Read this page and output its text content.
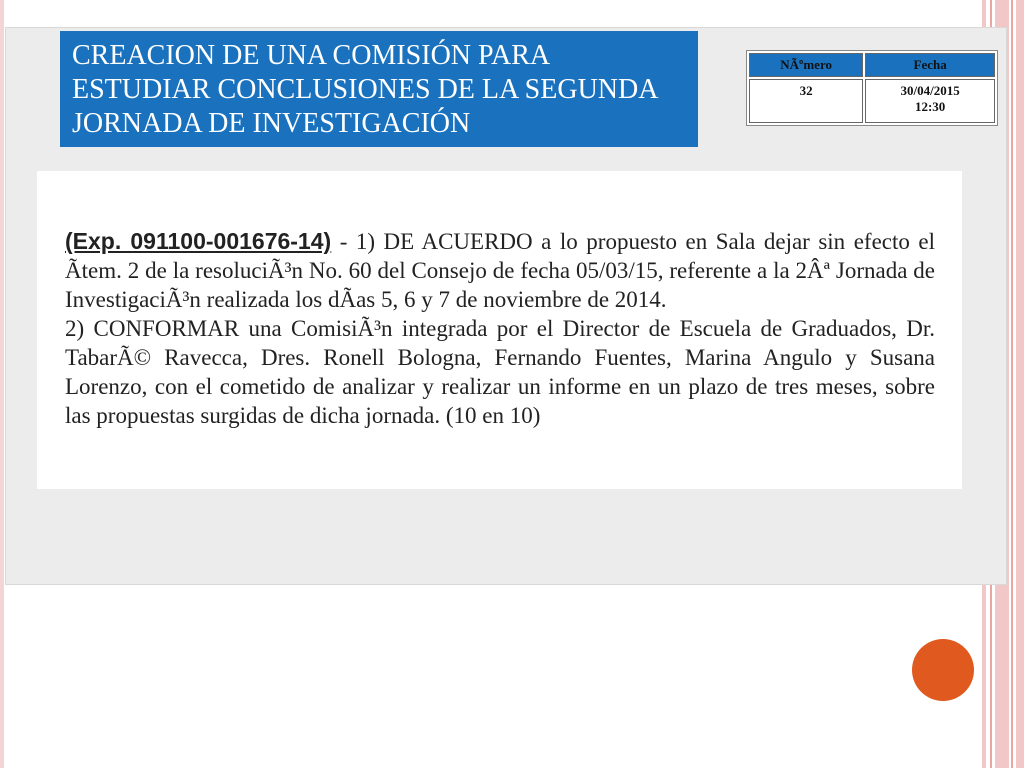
CREACION DE UNA COMISIÓN PARA ESTUDIAR CONCLUSIONES DE LA SEGUNDA JORNADA DE INVESTIGACIÓN
NÃºmero	Fecha
32	30/04/2015
12:30

(Exp. 091100-001676-14) - 1) DE ACUERDO a lo propuesto en Sala dejar sin efecto el Ãtem. 2 de la resoluciÃ³n No. 60 del Consejo de fecha 05/03/15, referente a la 2Âª Jornada de InvestigaciÃ³n realizada los dÃas 5, 6 y 7 de noviembre de 2014.

2) CONFORMAR una ComisiÃ³n integrada por el Director de Escuela de Graduados, Dr. TabarÃ© Ravecca, Dres. Ronell Bologna, Fernando Fuentes, Marina Angulo y Susana Lorenzo, con el cometido de analizar y realizar un informe en un plazo de tres meses, sobre las propuestas surgidas de dicha jornada. (10 en 10)
